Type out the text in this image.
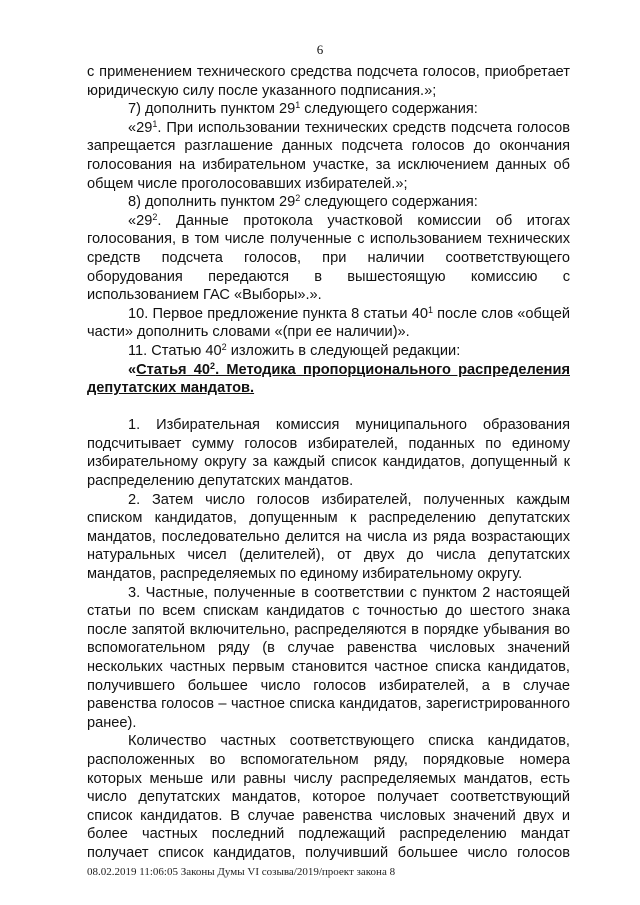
6

с применением технического средства подсчета голосов, приобретает юридическую силу после указанного подписания.»;

7) дополнить пунктом $29^1$ следующего содержания:

«$29^1$. При использовании технических средств подсчета голосов запрещается разглашение данных подсчета голосов до окончания голосования на избирательном участке, за исключением данных об общем числе проголосовавших избирателей.»;

8) дополнить пунктом $29^2$ следующего содержания:

«$29^2$. Данные протокола участковой комиссии об итогах голосования, в том числе полученные с использованием технических средств подсчета голосов, при наличии соответствующего оборудования передаются в вышестоящую комиссию с использованием ГАС «Выборы».».

10. Первое предложение пункта 8 статьи $40^1$ после слов «общей части» дополнить словами «(при ее наличии)».

11. Статью $40^2$ изложить в следующей редакции:

«Статья $40^2$. Методика пропорционального распределения депутатских мандатов.

1. Избирательная комиссия муниципального образования подсчитывает сумму голосов избирателей, поданных по единому избирательному округу за каждый список кандидатов, допущенный к распределению депутатских мандатов.

2. Затем число голосов избирателей, полученных каждым списком кандидатов, допущенным к распределению депутатских мандатов, последовательно делится на числа из ряда возрастающих натуральных чисел (делителей), от двух до числа депутатских мандатов, распределяемых по единому избирательному округу.

3. Частные, полученные в соответствии с пунктом 2 настоящей статьи по всем спискам кандидатов с точностью до шестого знака после запятой включительно, распределяются в порядке убывания во вспомогательном ряду (в случае равенства числовых значений нескольких частных первым становится частное списка кандидатов, получившего большее число голосов избирателей, а в случае равенства голосов – частное списка кандидатов, зарегистрированного ранее).

Количество частных соответствующего списка кандидатов, расположенных во вспомогательном ряду, порядковые номера которых меньше или равны числу распределяемых мандатов, есть число депутатских мандатов, которое получает соответствующий список кандидатов. В случае равенства числовых значений двух и более частных последний подлежащий распределению мандат получает список кандидатов, получивший большее число голосов

08.02.2019 11:06:05 Законы Думы VI созыва/2019/проект закона 8
